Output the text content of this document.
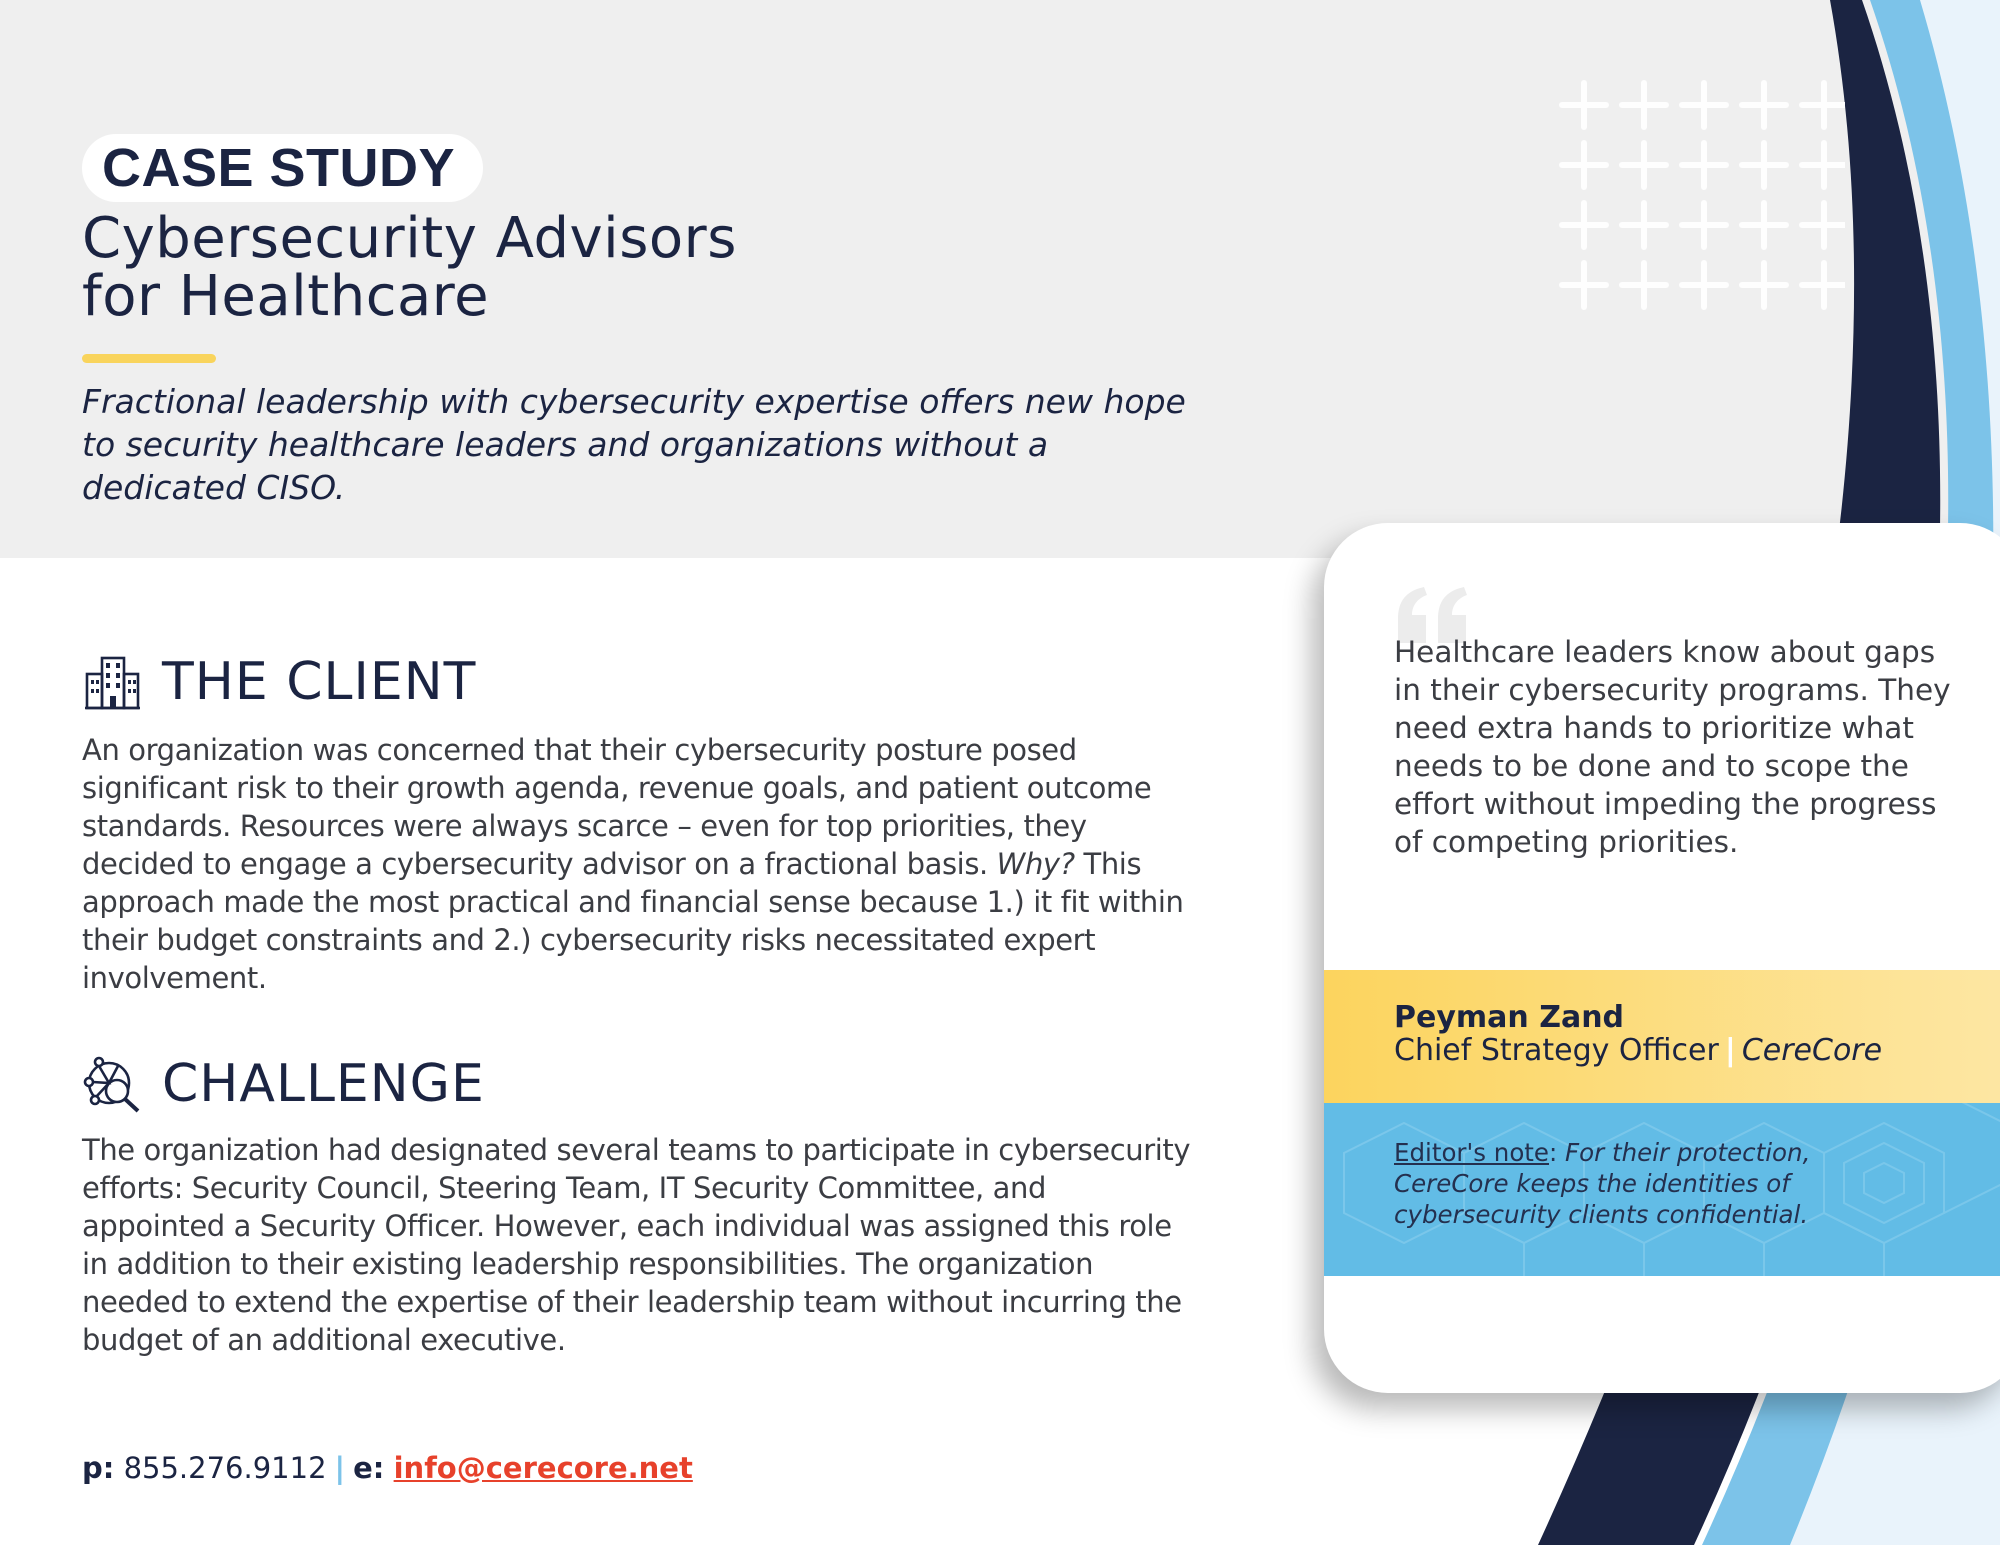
CASE STUDY
Cybersecurity Advisors
for Healthcare
Fractional leadership with cybersecurity expertise offers new hope to security healthcare leaders and organizations without a dedicated CISO.
THE CLIENT
An organization was concerned that their cybersecurity posture posed significant risk to their growth agenda, revenue goals, and patient outcome standards. Resources were always scarce – even for top priorities, they decided to engage a cybersecurity advisor on a fractional basis. Why? This approach made the most practical and financial sense because 1.) it fit within their budget constraints and 2.) cybersecurity risks necessitated expert involvement.
CHALLENGE
The organization had designated several teams to participate in cybersecurity efforts: Security Council, Steering Team, IT Security Committee, and appointed a Security Officer. However, each individual was assigned this role in addition to their existing leadership responsibilities. The organization needed to extend the expertise of their leadership team without incurring the budget of an additional executive.
p: 855.276.9112 | e: info@cerecore.net
Healthcare leaders know about gaps in their cybersecurity programs. They need extra hands to prioritize what needs to be done and to scope the effort without impeding the progress of competing priorities.
Peyman Zand
Chief Strategy Officer | CereCore
Editor's note: For their protection, CereCore keeps the identities of cybersecurity clients confidential.
